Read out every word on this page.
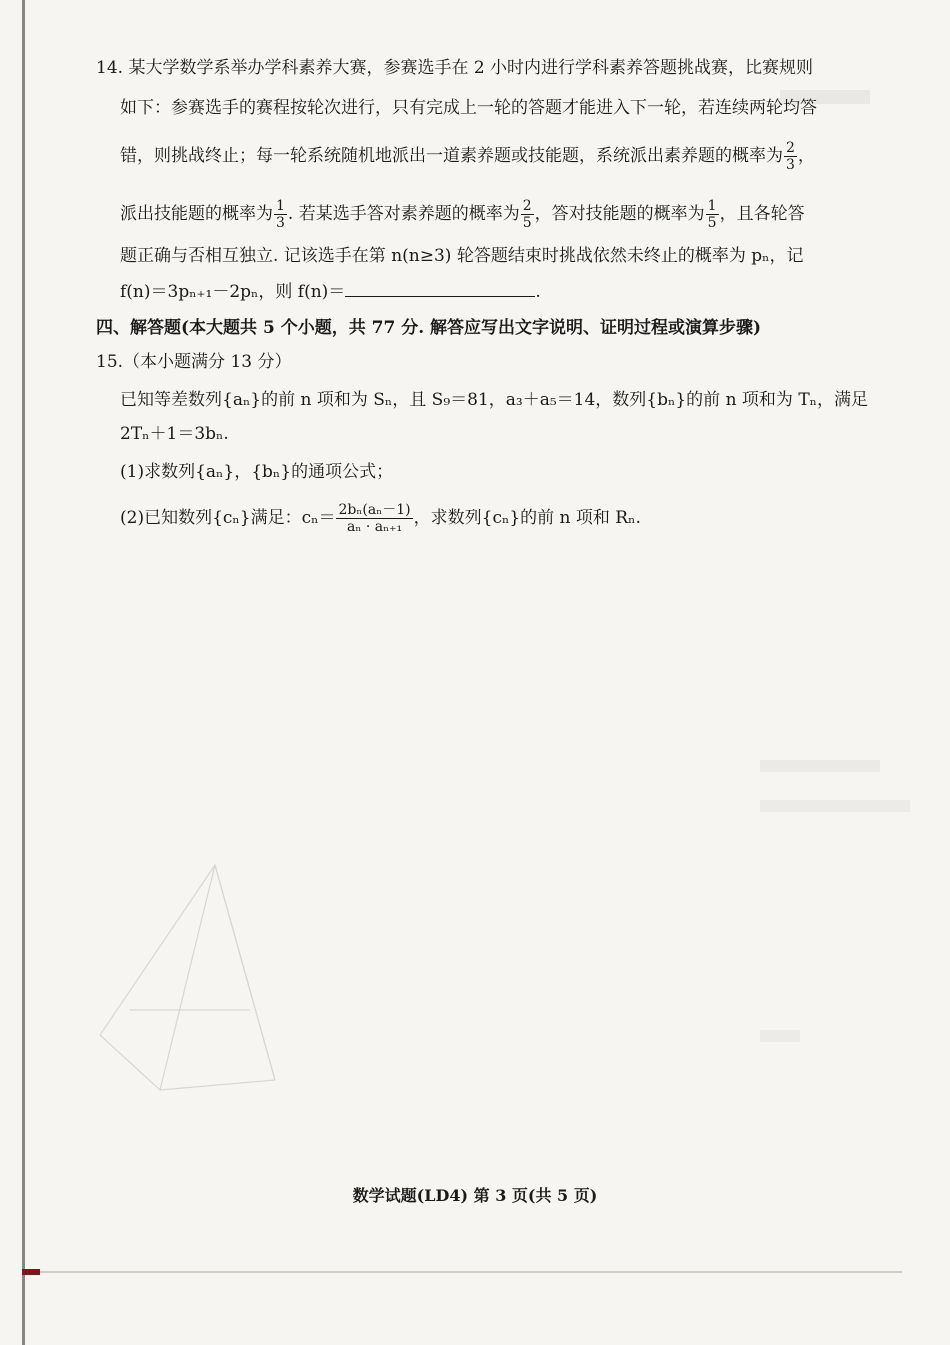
14. 某大学数学系举办学科素养大赛，参赛选手在 2 小时内进行学科素养答题挑战赛，比赛规则
如下：参赛选手的赛程按轮次进行，只有完成上一轮的答题才能进入下一轮，若连续两轮均答
错，则挑战终止；每一轮系统随机地派出一道素养题或技能题，系统派出素养题的概率为 $\frac{2}{3}$ ，
派出技能题的概率为 $\frac{1}{3}$ . 若某选手答对素养题的概率为 $\frac{2}{5}$ ，答对技能题的概率为 $\frac{1}{5}$ ，且各轮答
题正确与否相互独立. 记该选手在第 n(n≥3) 轮答题结束时挑战依然未终止的概率为 pₙ，记
f(n)＝3pₙ₊₁－2pₙ，则 f(n)＝	.
四、解答题(本大题共 5 个小题，共 77 分. 解答应写出文字说明、证明过程或演算步骤)
15.（本小题满分 13 分）
已知等差数列{aₙ}的前 n 项和为 Sₙ，且 S₉＝81，a₃＋a₅＝14，数列{bₙ}的前 n 项和为 Tₙ，满足
2Tₙ＋1＝3bₙ.
(1)求数列{aₙ}，{bₙ}的通项公式；
(2)已知数列{cₙ}满足：$c_n= \frac{\text{2bₙ(aₙ－1)}}{\text{aₙ · aₙ₊₁}}$ ，求数列{cₙ}的前 n 项和 Rₙ.
数学试题(LD4) 第 3 页(共 5 页)
